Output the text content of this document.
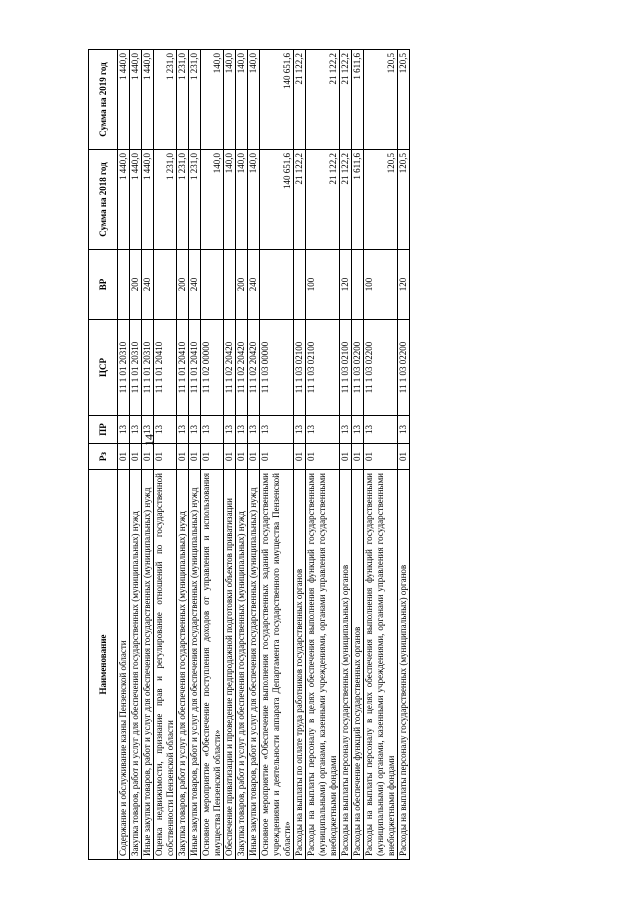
14
Наименование	Рз	ПР	ЦСР	ВР	Сумма на 2018 год	Сумма на 2019 год
Содержание и обслуживание казны Пензенской области	01	13	11 1 01 20310		1 440,0	1 440,0
Закупка товаров, работ и услуг для обеспечения государственных (муниципальных) нужд	01	13	11 1 01 20310	200	1 440,0	1 440,0
Иные закупки товаров, работ и услуг для обеспечения государственных (муниципальных) нужд	01	13	11 1 01 20310	240	1 440,0	1 440,0
Оценка недвижимости, признание прав и регулирование отношений по государственной собственности Пензенской области	01	13	11 1 01 20410		1 231,0	1 231,0
Закупка товаров, работ и услуг для обеспечения государственных (муниципальных) нужд	01	13	11 1 01 20410	200	1 231,0	1 231,0
Иные закупки товаров, работ и услуг для обеспечения государственных (муниципальных) нужд	01	13	11 1 01 20410	240	1 231,0	1 231,0
Основное мероприятие «Обеспечение поступления доходов от управления и использования имущества Пензенской области»	01	13	11 1 02 00000		140,0	140,0
Обеспечение приватизации и проведение предпродажной подготовки объектов приватизации	01	13	11 1 02 20420		140,0	140,0
Закупка товаров, работ и услуг для обеспечения государственных (муниципальных) нужд	01	13	11 1 02 20420	200	140,0	140,0
Иные закупки товаров, работ и услуг для обеспечения государственных (муниципальных) нужд	01	13	11 1 02 20420	240	140,0	140,0
Основное мероприятие «Обеспечение выполнения государственных заданий государственными учреждениями и деятельности аппарата Департамента государственного имущества Пензенской области»	01	13	11 1 03 00000		140 651,6	140 651,6
Расходы на выплаты по оплате труда работников государственных органов	01	13	11 1 03 02100		21 122,2	21 122,2
Расходы на выплаты персоналу в целях обеспечения выполнения функций государственными (муниципальными) органами, казенными учреждениями, органами управления государственными внебюджетными фондами	01	13	11 1 03 02100	100	21 122,2	21 122,2
Расходы на выплаты персоналу государственных (муниципальных) органов	01	13	11 1 03 02100	120	21 122,2	21 122,2
Расходы на обеспечение функций государственных органов	01	13	11 1 03 02200		1 611,6	1 611,6
Расходы на выплаты персоналу в целях обеспечения выполнения функций государственными (муниципальными) органами, казенными учреждениями, органами управления государственными внебюджетными фондами	01	13	11 1 03 02200	100	120,5	120,5
Расходы на выплаты персоналу государственных (муниципальных) органов	01	13	11 1 03 02200	120	120,5	120,5
